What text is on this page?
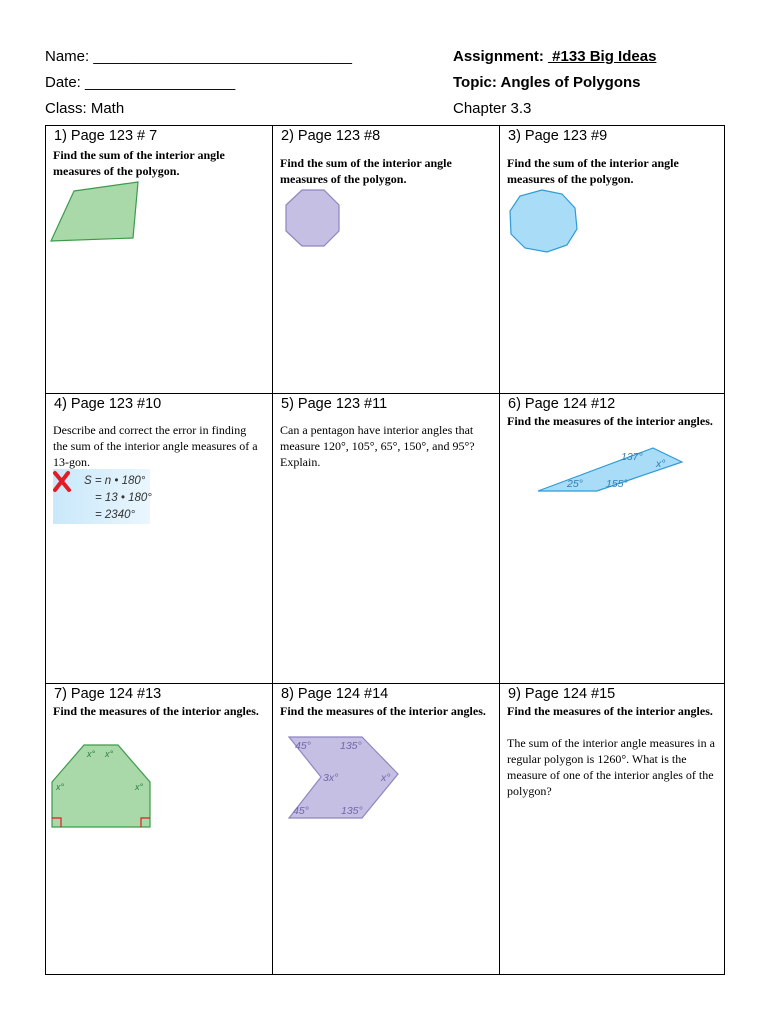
Name: _______________________________
Date: __________________
Class: Math
Assignment:  #133 Big Ideas
Topic: Angles of Polygons
Chapter 3.3
1) Page 123 # 7
Find the sum of the interior angle measures of the polygon.
2) Page 123 #8
Find the sum of the interior angle measures of the polygon.
3) Page 123 #9
Find the sum of the interior angle measures of the polygon.
4) Page 123 #10
Describe and correct the error in finding the sum of the interior angle measures of a 13-gon.
S = n • 180°
= 13 • 180°
= 2340°
5) Page 123 #11
Can a pentagon have interior angles that measure 120°, 105°, 65°, 150°, and 95°? Explain.
6) Page 124 #12
Find the measures of the interior angles.
137°
x°
25° 155°
7) Page 124 #13
Find the measures of the interior angles.
x° x°
x°	x°
8) Page 124 #14
Find the measures of the interior angles.
45°	135°
3x°	x°
45°	135°
9) Page 124 #15
Find the measures of the interior angles.
The sum of the interior angle measures in a regular polygon is 1260°. What is the measure of one of the interior angles of the polygon?
